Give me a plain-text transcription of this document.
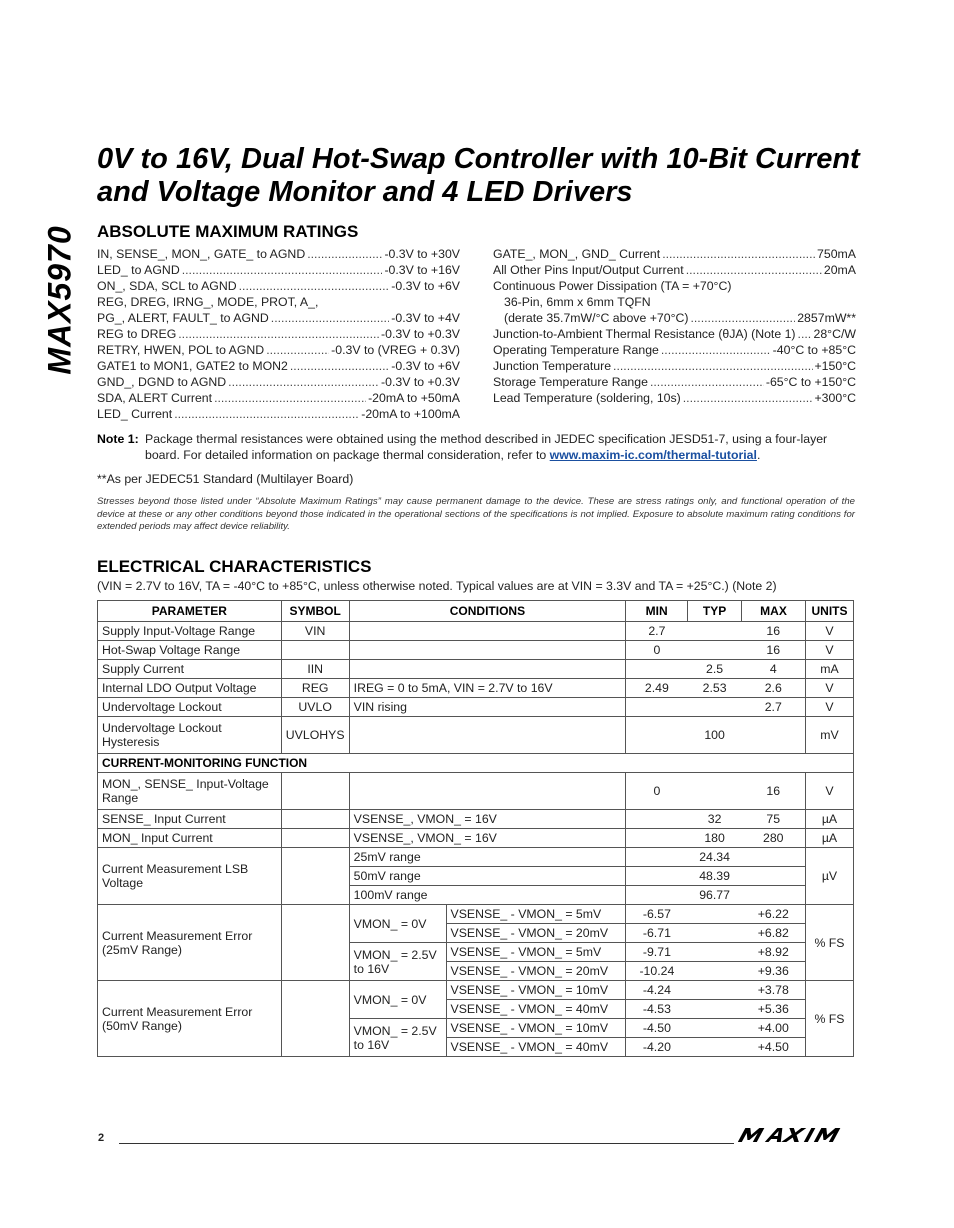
MAX5970
0V to 16V, Dual Hot-Swap Controller with 10-Bit Current and Voltage Monitor and 4 LED Drivers
ABSOLUTE MAXIMUM RATINGS
IN, SENSE_, MON_, GATE_ to AGND .....	-0.3V to +30V
LED_ to AGND .....	-0.3V to +16V
ON_, SDA, SCL to AGND .....	-0.3V to +6V
REG, DREG, IRNG_, MODE, PROT, A_,
PG_, ALERT, FAULT_ to AGND .....	-0.3V to +4V
REG to DREG .....	-0.3V to +0.3V
RETRY, HWEN, POL to AGND .....	-0.3V to (VREG + 0.3V)
GATE1 to MON1, GATE2 to MON2 .....	-0.3V to +6V
GND_, DGND to AGND .....	-0.3V to +0.3V
SDA, ALERT Current .....	-20mA to +50mA
LED_ Current .....	-20mA to +100mA
GATE_, MON_, GND_ Current .....	750mA
All Other Pins Input/Output Current .....	20mA
Continuous Power Dissipation (TA = +70°C)
36-Pin, 6mm x 6mm TQFN
(derate 35.7mW/°C above +70°C) .....	2857mW**
Junction-to-Ambient Thermal Resistance (θJA) (Note 1) ..... 28°C/W
Operating Temperature Range .....	-40°C to +85°C
Junction Temperature .....	+150°C
Storage Temperature Range .....	-65°C to +150°C
Lead Temperature (soldering, 10s) .....	+300°C
Note 1: Package thermal resistances were obtained using the method described in JEDEC specification JESD51-7, using a four-layer board. For detailed information on package thermal consideration, refer to www.maxim-ic.com/thermal-tutorial.
**As per JEDEC51 Standard (Multilayer Board)
Stresses beyond those listed under “Absolute Maximum Ratings” may cause permanent damage to the device. These are stress ratings only, and functional operation of the device at these or any other conditions beyond those indicated in the operational sections of the specifications is not implied. Exposure to absolute maximum rating conditions for extended periods may affect device reliability.
ELECTRICAL CHARACTERISTICS
(VIN = 2.7V to 16V, TA = -40°C to +85°C, unless otherwise noted. Typical values are at VIN = 3.3V and TA = +25°C.) (Note 2)
PARAMETER	SYMBOL	CONDITIONS		MIN	TYP	MAX	UNITS
Supply Input-Voltage Range	VIN			2.7		16	V
Hot-Swap Voltage Range				0		16	V
Supply Current	IIN				2.5	4	mA
Internal LDO Output Voltage	REG	IREG = 0 to 5mA, VIN = 2.7V to 16V		2.49	2.53	2.6	V
Undervoltage Lockout	UVLO	VIN rising				2.7	V
Undervoltage Lockout Hysteresis	UVLOHYS				100		mV
CURRENT-MONITORING FUNCTION							
MON_, SENSE_ Input-Voltage Range				0		16	V
SENSE_ Input Current		VSENSE_, VMON_ = 16V			32	75	µA
MON_ Input Current		VSENSE_, VMON_ = 16V			180	280	µA
Current Measurement LSB Voltage		25mV range			24.34		µV
		50mV range			48.39		
		100mV range			96.77		
Current Measurement Error (25mV Range)		VMON_ = 0V	VSENSE_ - VMON_ = 5mV	-6.57		+6.22	% FS
			VSENSE_ - VMON_ = 20mV	-6.71		+6.82	
		VMON_ = 2.5V to 16V	VSENSE_ - VMON_ = 5mV	-9.71		+8.92	
			VSENSE_ - VMON_ = 20mV	-10.24		+9.36	
Current Measurement Error (50mV Range)		VMON_ = 0V	VSENSE_ - VMON_ = 10mV	-4.24		+3.78	% FS
			VSENSE_ - VMON_ = 40mV	-4.53		+5.36	
		VMON_ = 2.5V to 16V	VSENSE_ - VMON_ = 10mV	-4.50		+4.00	
			VSENSE_ - VMON_ = 40mV	-4.20		+4.50	
2
